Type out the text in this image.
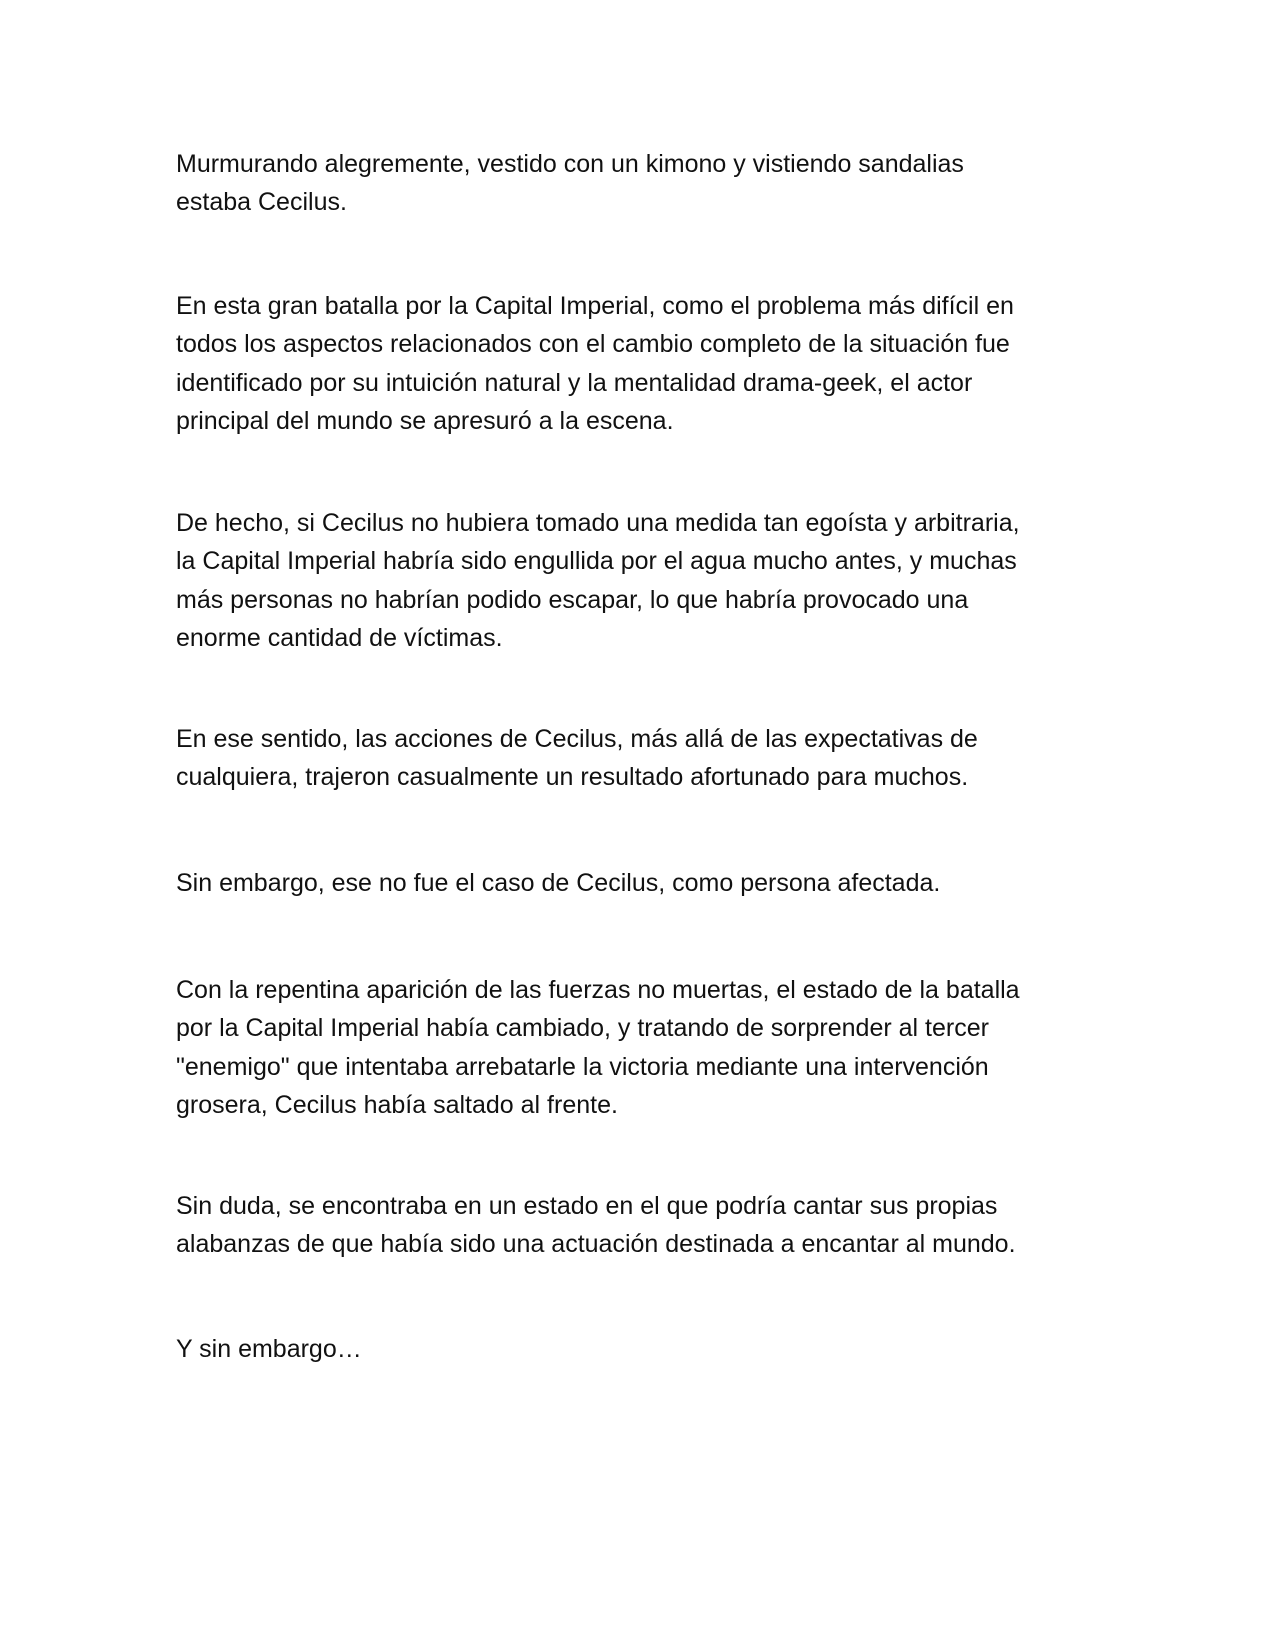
Murmurando alegremente, vestido con un kimono y vistiendo sandalias
estaba Cecilus.

En esta gran batalla por la Capital Imperial, como el problema más difícil en
todos los aspectos relacionados con el cambio completo de la situación fue
identificado por su intuición natural y la mentalidad drama-geek, el actor
principal del mundo se apresuró a la escena.

De hecho, si Cecilus no hubiera tomado una medida tan egoísta y arbitraria,
la Capital Imperial habría sido engullida por el agua mucho antes, y muchas
más personas no habrían podido escapar, lo que habría provocado una
enorme cantidad de víctimas.

En ese sentido, las acciones de Cecilus, más allá de las expectativas de
cualquiera, trajeron casualmente un resultado afortunado para muchos.

Sin embargo, ese no fue el caso de Cecilus, como persona afectada.

Con la repentina aparición de las fuerzas no muertas, el estado de la batalla
por la Capital Imperial había cambiado, y tratando de sorprender al tercer
"enemigo" que intentaba arrebatarle la victoria mediante una intervención
grosera, Cecilus había saltado al frente.

Sin duda, se encontraba en un estado en el que podría cantar sus propias
alabanzas de que había sido una actuación destinada a encantar al mundo.

Y sin embargo…
